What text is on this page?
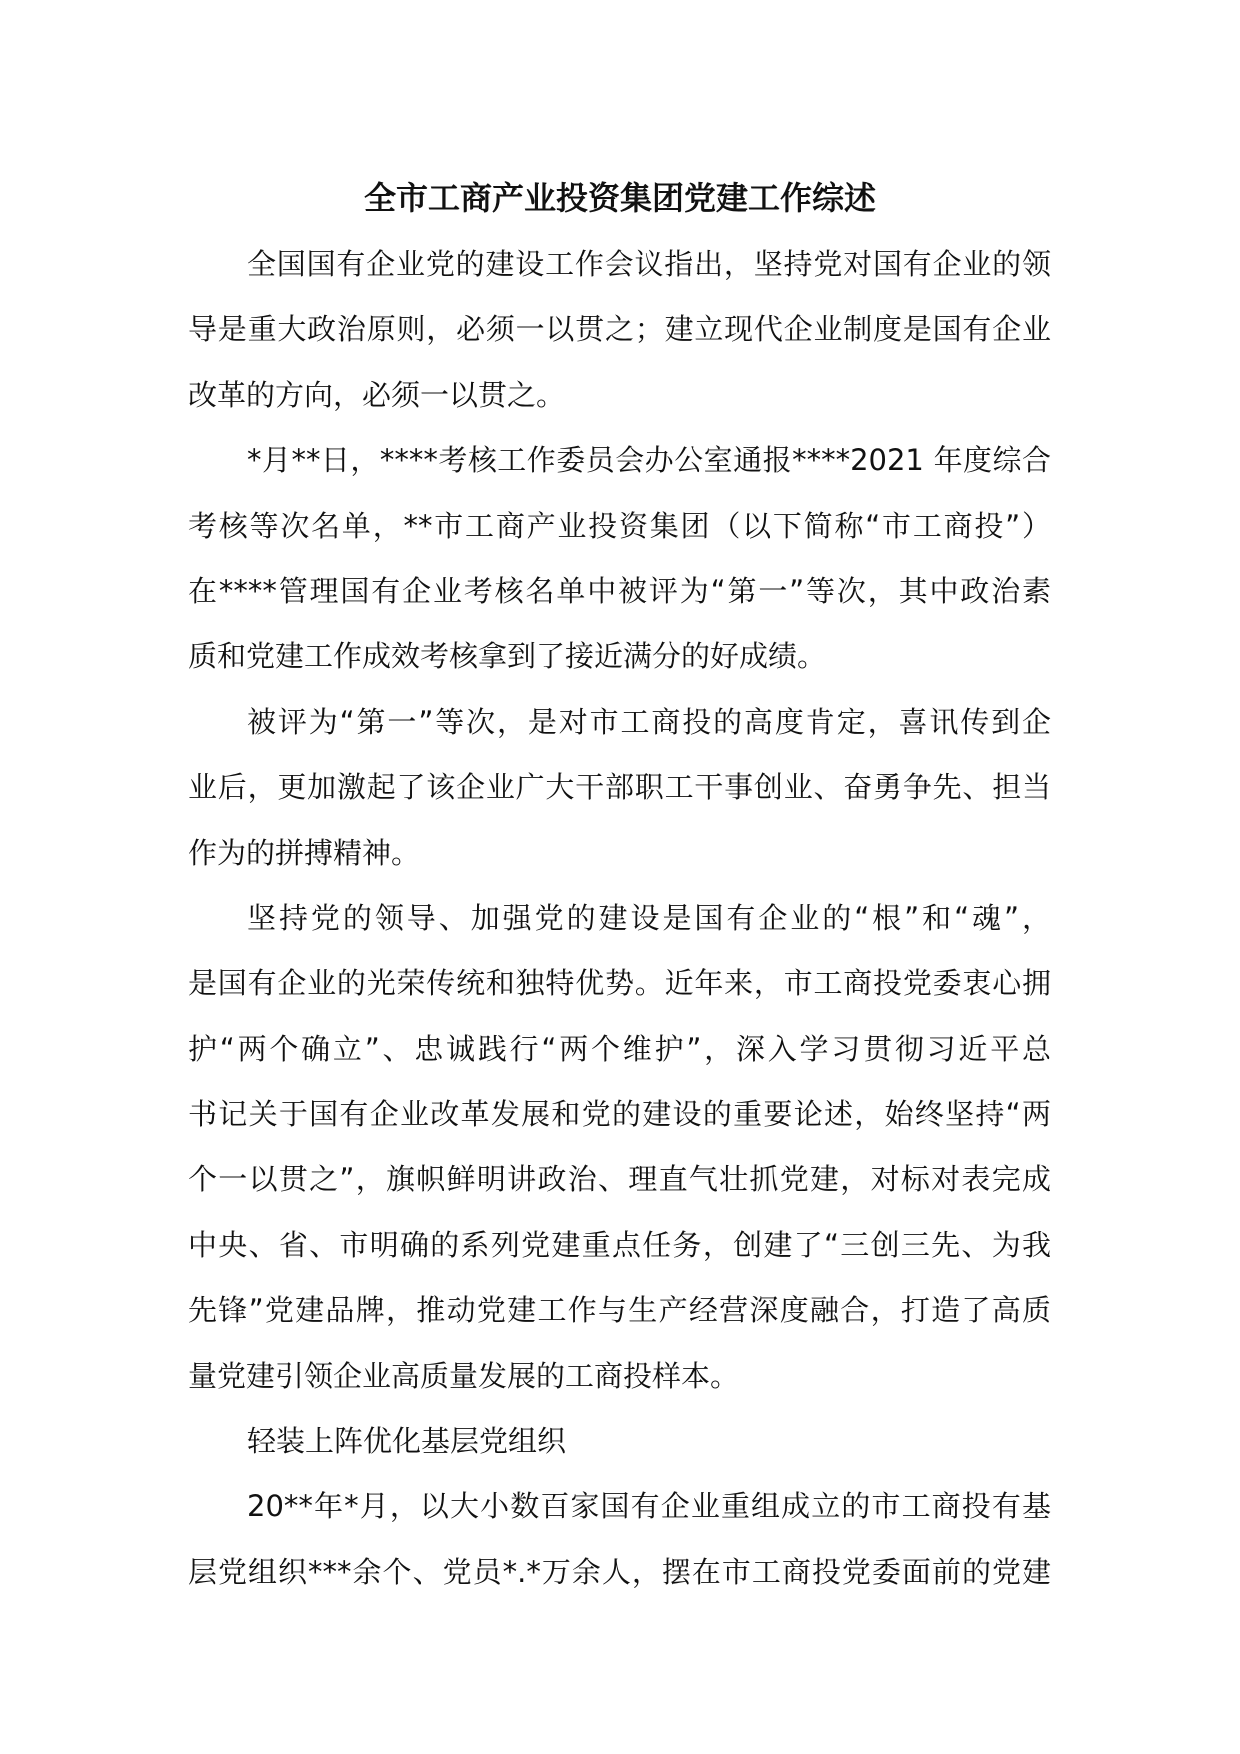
全市工商产业投资集团党建工作综述
全国国有企业党的建设工作会议指出，坚持党对国有企业的领
导是重大政治原则，必须一以贯之；建立现代企业制度是国有企业
改革的方向，必须一以贯之。
*月**日，****考核工作委员会办公室通报****2021 年度综合
考核等次名单，**市工商产业投资集团（以下简称“市工商投”）
在****管理国有企业考核名单中被评为“第一”等次，其中政治素
质和党建工作成效考核拿到了接近满分的好成绩。
被评为“第一”等次，是对市工商投的高度肯定，喜讯传到企
业后，更加激起了该企业广大干部职工干事创业、奋勇争先、担当
作为的拼搏精神。
坚持党的领导、加强党的建设是国有企业的“根”和“魂”，
是国有企业的光荣传统和独特优势。近年来，市工商投党委衷心拥
护“两个确立”、忠诚践行“两个维护”，深入学习贯彻习近平总
书记关于国有企业改革发展和党的建设的重要论述，始终坚持“两
个一以贯之”，旗帜鲜明讲政治、理直气壮抓党建，对标对表完成
中央、省、市明确的系列党建重点任务，创建了“三创三先、为我
先锋”党建品牌，推动党建工作与生产经营深度融合，打造了高质
量党建引领企业高质量发展的工商投样本。
轻装上阵优化基层党组织
20**年*月，以大小数百家国有企业重组成立的市工商投有基
层党组织***余个、党员*.*万余人，摆在市工商投党委面前的党建
